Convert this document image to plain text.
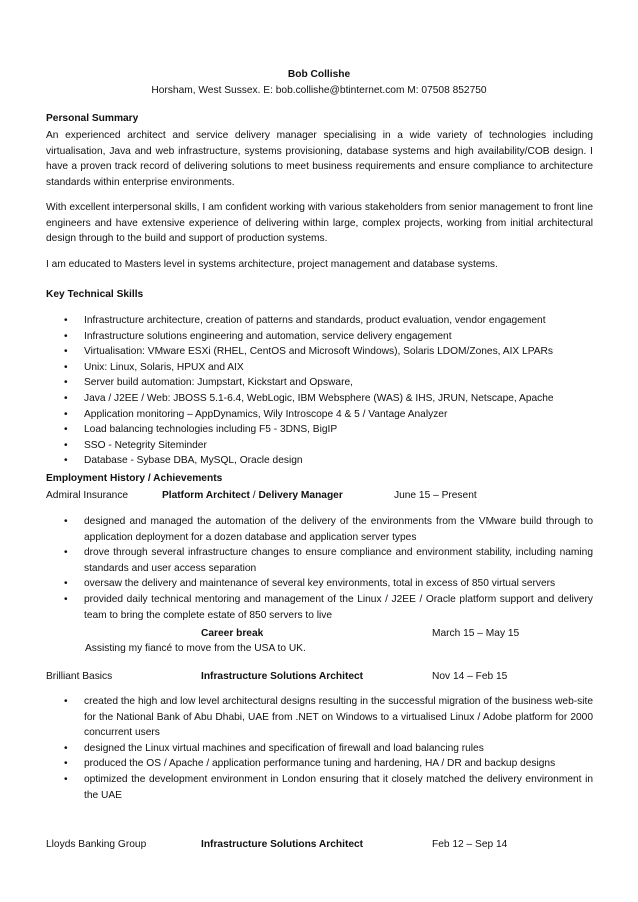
Bob Collishe
Horsham, West Sussex. E: bob.collishe@btinternet.com M: 07508 852750
Personal Summary
An experienced architect and service delivery manager specialising in a wide variety of technologies including virtualisation, Java and web infrastructure, systems provisioning, database systems and high availability/COB design. I have a proven track record of delivering solutions to meet business requirements and ensure compliance to architecture standards within enterprise environments.
With excellent interpersonal skills, I am confident working with various stakeholders from senior management to front line engineers and have extensive experience of delivering within large, complex projects, working from initial architectural design through to the build and support of production systems.
I am educated to Masters level in systems architecture, project management and database systems.
Key Technical Skills
• Infrastructure architecture, creation of patterns and standards, product evaluation, vendor engagement
• Infrastructure solutions engineering and automation, service delivery engagement
• Virtualisation: VMware ESXi (RHEL, CentOS and Microsoft Windows), Solaris LDOM/Zones, AIX LPARs
• Unix: Linux, Solaris, HPUX and AIX
• Server build automation: Jumpstart, Kickstart and Opsware,
• Java / J2EE / Web: JBOSS 5.1-6.4, WebLogic, IBM Websphere (WAS) & IHS, JRUN, Netscape, Apache
• Application monitoring – AppDynamics, Wily Introscope 4 & 5 / Vantage Analyzer
• Load balancing technologies including F5 - 3DNS, BigIP
• SSO - Netegrity Siteminder
• Database - Sybase DBA, MySQL, Oracle design
Employment History / Achievements
Admiral Insurance	Platform Architect / Delivery Manager	June 15 – Present
• designed and managed the automation of the delivery of the environments from the VMware build through to application deployment for a dozen database and application server types
• drove through several infrastructure changes to ensure compliance and environment stability, including naming standards and user access separation
• oversaw the delivery and maintenance of several key environments, total in excess of 850 virtual servers
• provided daily technical mentoring and management of the Linux / J2EE / Oracle platform support and delivery team to bring the complete estate of 850 servers to live
Career break	March 15 – May 15
Assisting my fiancé to move from the USA to UK.
Brilliant Basics	Infrastructure Solutions Architect	Nov 14 – Feb 15
• created the high and low level architectural designs resulting in the successful migration of the business web-site for the National Bank of Abu Dhabi, UAE from .NET on Windows to a virtualised Linux / Adobe platform for 2000 concurrent users
• designed the Linux virtual machines and specification of firewall and load balancing rules
• produced the OS / Apache / application performance tuning and hardening, HA / DR and backup designs
• optimized the development environment in London ensuring that it closely matched the delivery environment in the UAE
Lloyds Banking Group	Infrastructure Solutions Architect	Feb 12 – Sep 14
